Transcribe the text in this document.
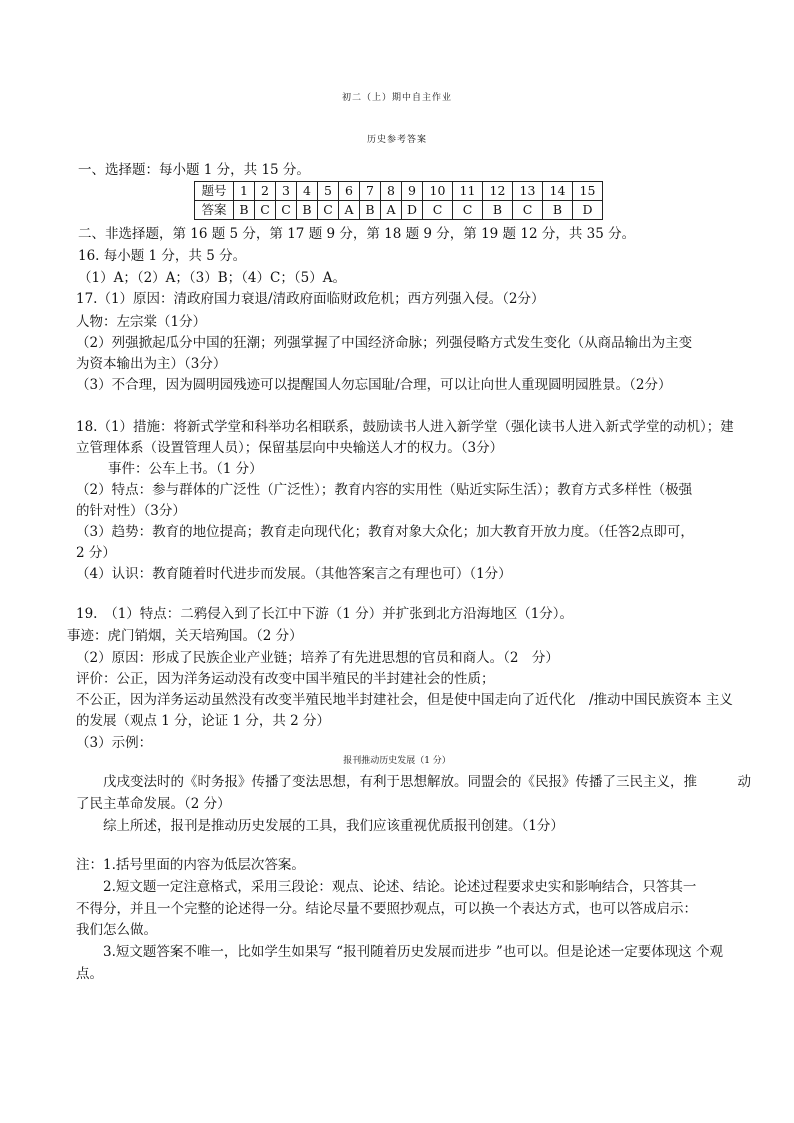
初二（上）期中自主作业
历史参考答案
一、选择题：每小题 1 分，共 15 分。
题号	1	2	3	4	5	6	7	8	9	10	11	12	13	14	15
答案	B	C	C	B	C	A	B	A	D	C	C	B	C	B	D
二、非选择题，第 16 题 5 分，第 17 题 9 分，第 18 题 9 分，第 19 题 12 分，共 35 分。
16. 每小题 1 分，共 5 分。
（1）A；（2）A；（3）B；（4）C；（5）A。
17.（1）原因：清政府国力衰退/清政府面临财政危机；西方列强入侵。（2分）
人物：左宗棠（1分）
（2）列强掀起瓜分中国的狂潮；列强掌握了中国经济命脉；列强侵略方式发生变化（从商品输出为主变
为资本输出为主）（3分）
（3）不合理，因为圆明园残迹可以提醒国人勿忘国耻/合理，可以让向世人重现圆明园胜景。（2分）
18.（1）措施：将新式学堂和科举功名相联系，鼓励读书人进入新学堂（强化读书人进入新式学堂的动机）；建
立管理体系（设置管理人员）；保留基层向中央输送人才的权力。（3分）
事件：公车上书。（1 分）
（2）特点：参与群体的广泛性（广泛性）；教育内容的实用性（贴近实际生活）；教育方式多样性（极强
的针对性）（3分）
（3）趋势：教育的地位提高；教育走向现代化；教育对象大众化；加大教育开放力度。（任答2点即可，
2 分）
（4）认识：教育随着时代进步而发展。（其他答案言之有理也可）（1分）
19.　（1）特点：二鸦侵入到了长江中下游（1 分）并扩张到北方沿海地区（1分）。
事迹：虎门销烟，关天培殉国。（2 分）
（2）原因：形成了民族企业产业链；培养了有先进思想的官员和商人。（2　分）
评价：公正，因为洋务运动没有改变中国半殖民的半封建社会的性质；
不公正，因为洋务运动虽然没有改变半殖民地半封建社会，但是使中国走向了近代化　/推动中国民族资本 主义
的发展（观点 1 分，论证 1 分，共 2 分）
（3）示例：
报刊推动历史发展（1 分）
戊戌变法时的《时务报》传播了变法思想，有利于思想解放。同盟会的《民报》传播了三民主义，推　　　动
了民主革命发展。（2 分）
综上所述，报刊是推动历史发展的工具，我们应该重视优质报刊创建。（1分）
注：1.括号里面的内容为低层次答案。
2.短文题一定注意格式，采用三段论：观点、论述、结论。论述过程要求史实和影响结合，只答其一
不得分，并且一个完整的论述得一分。结论尽量不要照抄观点，可以换一个表达方式，也可以答成启示：
我们怎么做。
3.短文题答案不唯一，比如学生如果写 “报刊随着历史发展而进步 ”也可以。但是论述一定要体现这 个观
点。
